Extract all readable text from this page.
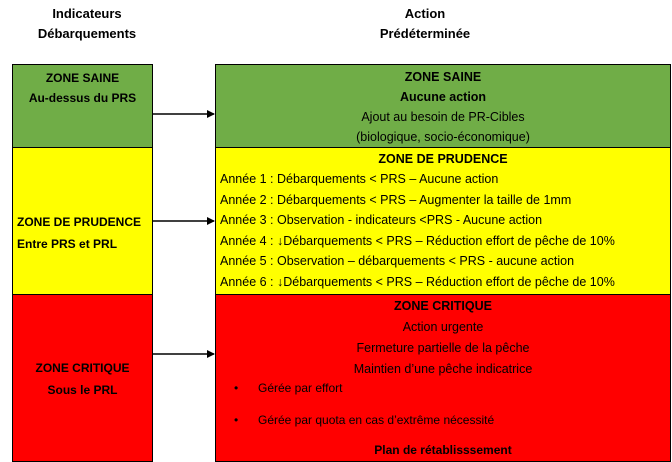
Indicateurs
Débarquements
Action
Prédéterminée
ZONE SAINE
Au-dessus du PRS
ZONE DE PRUDENCE
Entre PRS et PRL
ZONE CRITIQUE
Sous le PRL
ZONE SAINE
Aucune action
Ajout au besoin de PR-Cibles
(biologique, socio-économique)
ZONE DE PRUDENCE
Année 1 : Débarquements < PRS – Aucune action
Année 2 : Débarquements < PRS – Augmenter la taille de 1mm
Année 3 : Observation - indicateurs <PRS - Aucune action
Année 4 : ↓Débarquements < PRS – Réduction effort de pêche de 10%
Année 5 : Observation – débarquements < PRS - aucune action
Année 6 : ↓Débarquements < PRS – Réduction effort de pêche de 10%
ZONE CRITIQUE
Action urgente
Fermeture partielle de la pêche
Maintien d’une pêche indicatrice
• Gérée par effort
• Gérée par quota en cas d’extrême nécessité
Plan de rétablisssement
